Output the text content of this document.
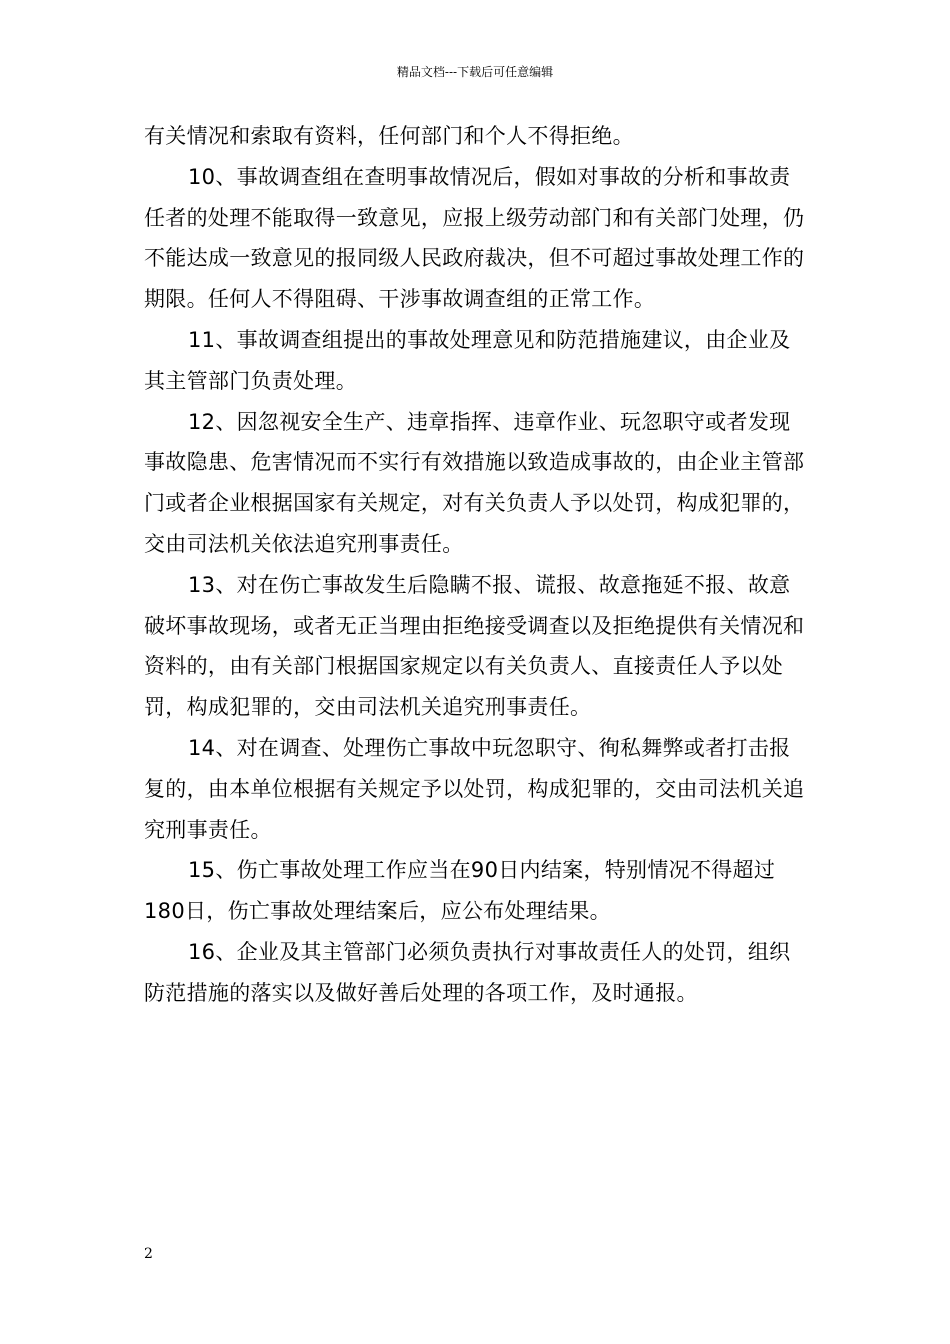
精品文档---下载后可任意编辑

有关情况和索取有资料，任何部门和个人不得拒绝。

10、事故调查组在查明事故情况后，假如对事故的分析和事故责任者的处理不能取得一致意见，应报上级劳动部门和有关部门处理，仍不能达成一致意见的报同级人民政府裁决，但不可超过事故处理工作的期限。任何人不得阻碍、干涉事故调查组的正常工作。

11、事故调查组提出的事故处理意见和防范措施建议，由企业及其主管部门负责处理。

12、因忽视安全生产、违章指挥、违章作业、玩忽职守或者发现事故隐患、危害情况而不实行有效措施以致造成事故的，由企业主管部门或者企业根据国家有关规定，对有关负责人予以处罚，构成犯罪的，交由司法机关依法追究刑事责任。

13、对在伤亡事故发生后隐瞒不报、谎报、故意拖延不报、故意破坏事故现场，或者无正当理由拒绝接受调查以及拒绝提供有关情况和资料的，由有关部门根据国家规定以有关负责人、直接责任人予以处罚，构成犯罪的，交由司法机关追究刑事责任。

14、对在调查、处理伤亡事故中玩忽职守、徇私舞弊或者打击报复的，由本单位根据有关规定予以处罚，构成犯罪的，交由司法机关追究刑事责任。

15、伤亡事故处理工作应当在90日内结案，特别情况不得超过180日，伤亡事故处理结案后，应公布处理结果。

16、企业及其主管部门必须负责执行对事故责任人的处罚，组织防范措施的落实以及做好善后处理的各项工作，及时通报。

2
